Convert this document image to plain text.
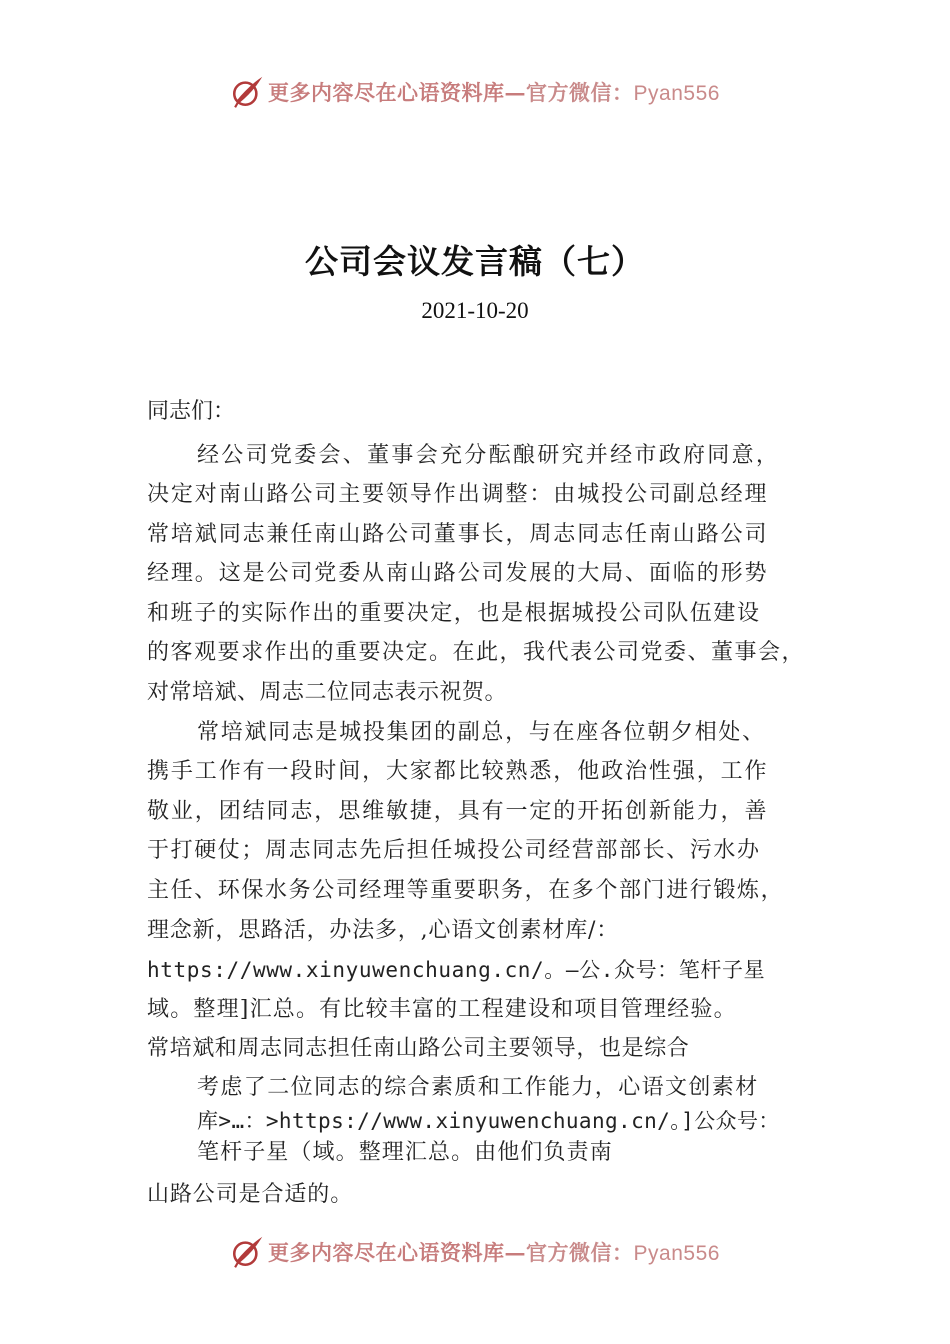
更多内容尽在心语资料库—官方微信：Pyan556
公司会议发言稿（七）
2021-10-20
同志们：
经公司党委会、董事会充分酝酿研究并经市政府同意，
决定对南山路公司主要领导作出调整：由城投公司副总经理
常培斌同志兼任南山路公司董事长，周志同志任南山路公司
经理。这是公司党委从南山路公司发展的大局、面临的形势
和班子的实际作出的重要决定，也是根据城投公司队伍建设
的客观要求作出的重要决定。在此，我代表公司党委、董事会，
对常培斌、周志二位同志表示祝贺。
常培斌同志是城投集团的副总，与在座各位朝夕相处、
携手工作有一段时间，大家都比较熟悉，他政治性强，工作
敬业，团结同志，思维敏捷，具有一定的开拓创新能力，善
于打硬仗；周志同志先后担任城投公司经营部部长、污水办
主任、环保水务公司经理等重要职务，在多个部门进行锻炼，
理念新，思路活，办法多，,心语文创素材库/：
https://www.xinyuwenchuang.cn/。—公.众号：笔杆子星
域。整理]汇总。有比较丰富的工程建设和项目管理经验。
常培斌和周志同志担任南山路公司主要领导，也是综合
考虑了二位同志的综合素质和工作能力，心语文创素材
库>…：>https://www.xinyuwenchuang.cn/。]公众号：
笔杆子星（域。整理汇总。由他们负责南
山路公司是合适的。
更多内容尽在心语资料库—官方微信：Pyan556
